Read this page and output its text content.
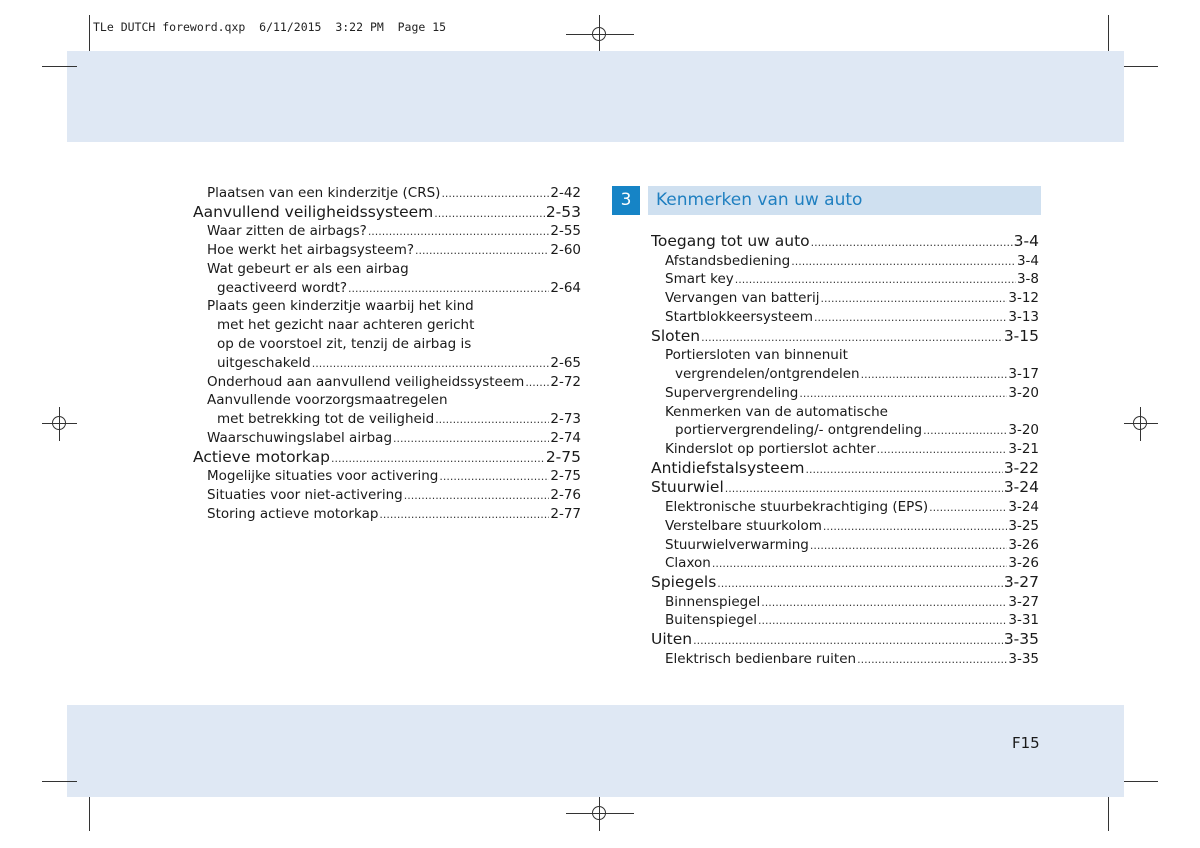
TLe DUTCH foreword.qxp  6/11/2015  3:22 PM  Page 15
F15
Plaatsen van een kinderzitje (CRS) .....	2-42
Aanvullend veiligheidssysteem .....	2-53
Waar zitten de airbags? .....	2-55
Hoe werkt het airbagsysteem? .....	2-60
Wat gebeurt er als een airbag
geactiveerd wordt? .....	2-64
Plaats geen kinderzitje waarbij het kind
met het gezicht naar achteren gericht
op de voorstoel zit, tenzij de airbag is
uitgeschakeld .....	2-65
Onderhoud aan aanvullend veiligheidssysteem ..... 2-72
Aanvullende voorzorgsmaatregelen
met betrekking tot de veiligheid .....	2-73
Waarschuwingslabel airbag .....	2-74
Actieve motorkap .....	2-75
Mogelijke situaties voor activering .....	2-75
Situaties voor niet-activering .....	2-76
Storing actieve motorkap .....	2-77
3	Kenmerken van uw auto
Toegang tot uw auto .....	3-4
Afstandsbediening .....	3-4
Smart key .....	3-8
Vervangen van batterij .....	3-12
Startblokkeersysteem .....	3-13
Sloten .....	3-15
Portiersloten van binnenuit
vergrendelen/ontgrendelen .....	3-17
Supervergrendeling .....	3-20
Kenmerken van de automatische
portiervergrendeling/- ontgrendeling .....	3-20
Kinderslot op portierslot achter .....	3-21
Antidiefstalsysteem .....	3-22
Stuurwiel .....	3-24
Elektronische stuurbekrachtiging (EPS) .....	3-24
Verstelbare stuurkolom .....	3-25
Stuurwielverwarming .....	3-26
Claxon .....	3-26
Spiegels .....	3-27
Binnenspiegel .....	3-27
Buitenspiegel .....	3-31
Uiten .....	3-35
Elektrisch bedienbare ruiten .....	3-35
